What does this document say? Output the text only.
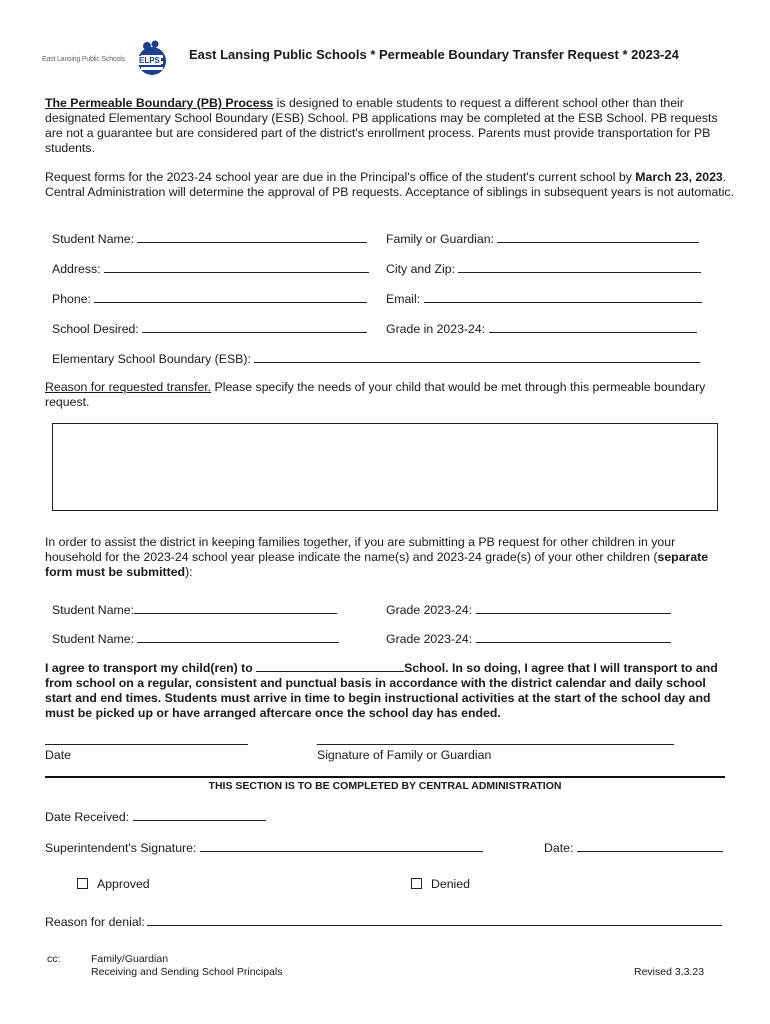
East Lansing Public Schools ELPS East Lansing Public Schools * Permeable Boundary Transfer Request * 2023-24
The Permeable Boundary (PB) Process is designed to enable students to request a different school other than their designated Elementary School Boundary (ESB) School. PB applications may be completed at the ESB School. PB requests are not a guarantee but are considered part of the district's enrollment process. Parents must provide transportation for PB students.
Request forms for the 2023-24 school year are due in the Principal's office of the student's current school by March 23, 2023. Central Administration will determine the approval of PB requests. Acceptance of siblings in subsequent years is not automatic.
Student Name:	Family or Guardian:
Address:	City and Zip:
Phone:	Email:
School Desired:	Grade in 2023-24:
Elementary School Boundary (ESB):
Reason for requested transfer. Please specify the needs of your child that would be met through this permeable boundary request.
In order to assist the district in keeping families together, if you are submitting a PB request for other children in your household for the 2023-24 school year please indicate the name(s) and 2023-24 grade(s) of your other children (separate form must be submitted):
Student Name:	Grade 2023-24:
Student Name:	Grade 2023-24:
I agree to transport my child(ren) to	School. In so doing, I agree that I will transport to and from school on a regular, consistent and punctual basis in accordance with the district calendar and daily school start and end times. Students must arrive in time to begin instructional activities at the start of the school day and must be picked up or have arranged aftercare once the school day has ended.
Date	Signature of Family or Guardian
THIS SECTION IS TO BE COMPLETED BY CENTRAL ADMINISTRATION
Date Received:
Superintendent's Signature:	Date:
Approved	Denied
Reason for denial:
cc:	Family/Guardian
Receiving and Sending School Principals	Revised 3.3.23
